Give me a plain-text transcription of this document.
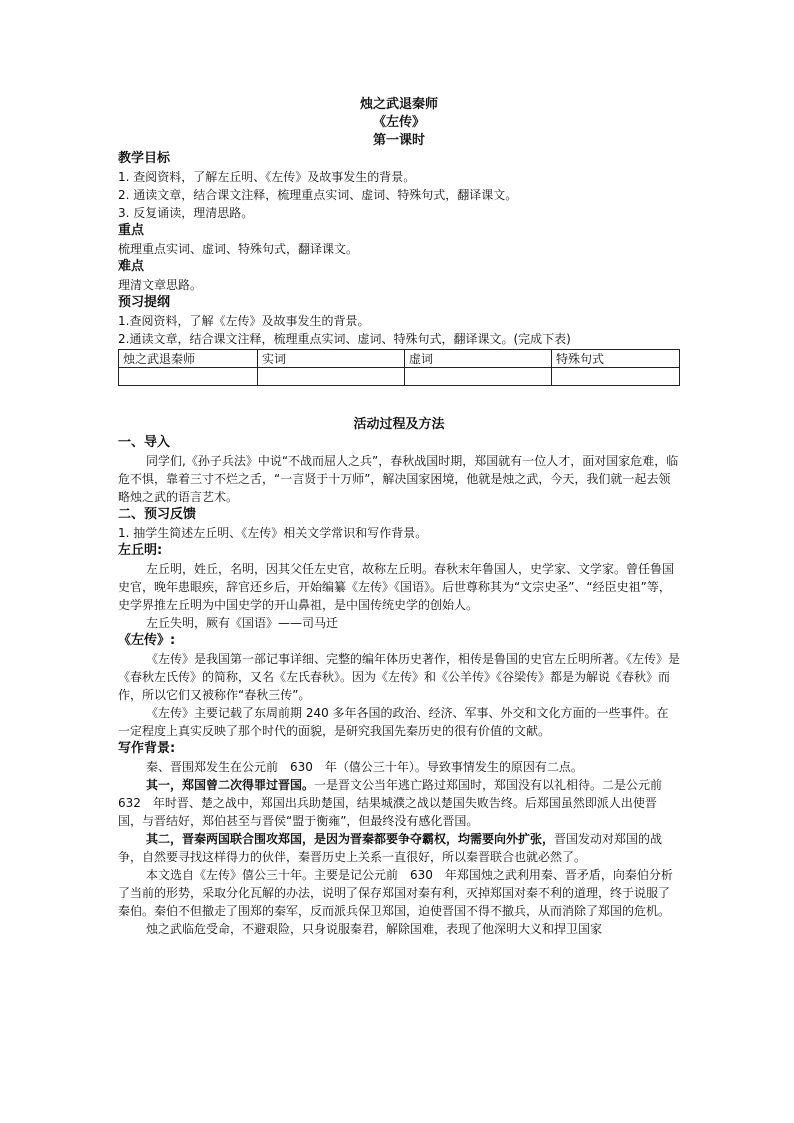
烛之武退秦师
《左传》
第一课时
教学目标
1. 查阅资料，了解左丘明、《左传》及故事发生的背景。
2. 通读文章，结合课文注释，梳理重点实词、虚词、特殊句式，翻译课文。
3. 反复诵读，理清思路。
重点
梳理重点实词、虚词、特殊句式，翻译课文。
难点
理清文章思路。
预习提纲
1.查阅资料，了解《左传》及故事发生的背景。
2.通读文章，结合课文注释，梳理重点实词、虚词、特殊句式，翻译课文。(完成下表)
烛之武退秦师	实词	虚词	特殊句式

活动过程及方法
一、导入
同学们,《孙子兵法》中说“不战而屈人之兵”，春秋战国时期，郑国就有一位人才，面对国家危难，临危不惧，靠着三寸不烂之舌，“一言贤于十万师”，解决国家困境，他就是烛之武，今天，我们就一起去领略烛之武的语言艺术。
二、预习反馈
1. 抽学生简述左丘明、《左传》相关文学常识和写作背景。
左丘明:
左丘明，姓丘，名明，因其父任左史官，故称左丘明。春秋末年鲁国人，史学家、文学家。曾任鲁国史官，晚年患眼疾，辞官还乡后，开始编纂《左传》《国语》。后世尊称其为“文宗史圣”、“经臣史祖”等，史学界推左丘明为中国史学的开山鼻祖，是中国传统史学的创始人。
左丘失明，厥有《国语》——司马迁
《左传》:
《左传》是我国第一部记事详细、完整的编年体历史著作，相传是鲁国的史官左丘明所著。《左传》是《春秋左氏传》的简称，又名《左氏春秋》。因为《左传》和《公羊传》《谷梁传》都是为解说《春秋》而作，所以它们又被称作“春秋三传”。
《左传》主要记载了东周前期 240 多年各国的政治、经济、军事、外交和文化方面的一些事件。在一定程度上真实反映了那个时代的面貌，是研究我国先秦历史的很有价值的文献。
写作背景:
秦、晋围郑发生在公元前　630　年（僖公三十年）。导致事情发生的原因有二点。
其一，郑国曾二次得罪过晋国。一是晋文公当年逃亡路过郑国时，郑国没有以礼相待。二是公元前　632　年时晋、楚之战中，郑国出兵助楚国，结果城濮之战以楚国失败告终。后郑国虽然即派人出使晋国，与晋结好，郑伯甚至与晋侯“盟于衡雍”，但最终没有感化晋国。
其二，晋秦两国联合围攻郑国，是因为晋秦都要争夺霸权，均需要向外扩张，晋国发动对郑国的战争，自然要寻找这样得力的伙伴，秦晋历史上关系一直很好，所以秦晋联合也就必然了。
本文选自《左传》僖公三十年。主要是记公元前　630　年郑国烛之武利用秦、晋矛盾，向秦伯分析了当前的形势，采取分化瓦解的办法，说明了保存郑国对秦有利，灭掉郑国对秦不利的道理，终于说服了秦伯。秦伯不但撤走了围郑的秦军，反而派兵保卫郑国，迫使晋国不得不撤兵，从而消除了郑国的危机。
烛之武临危受命，不避艰险，只身说服秦君，解除国难，表现了他深明大义和捍卫国家
